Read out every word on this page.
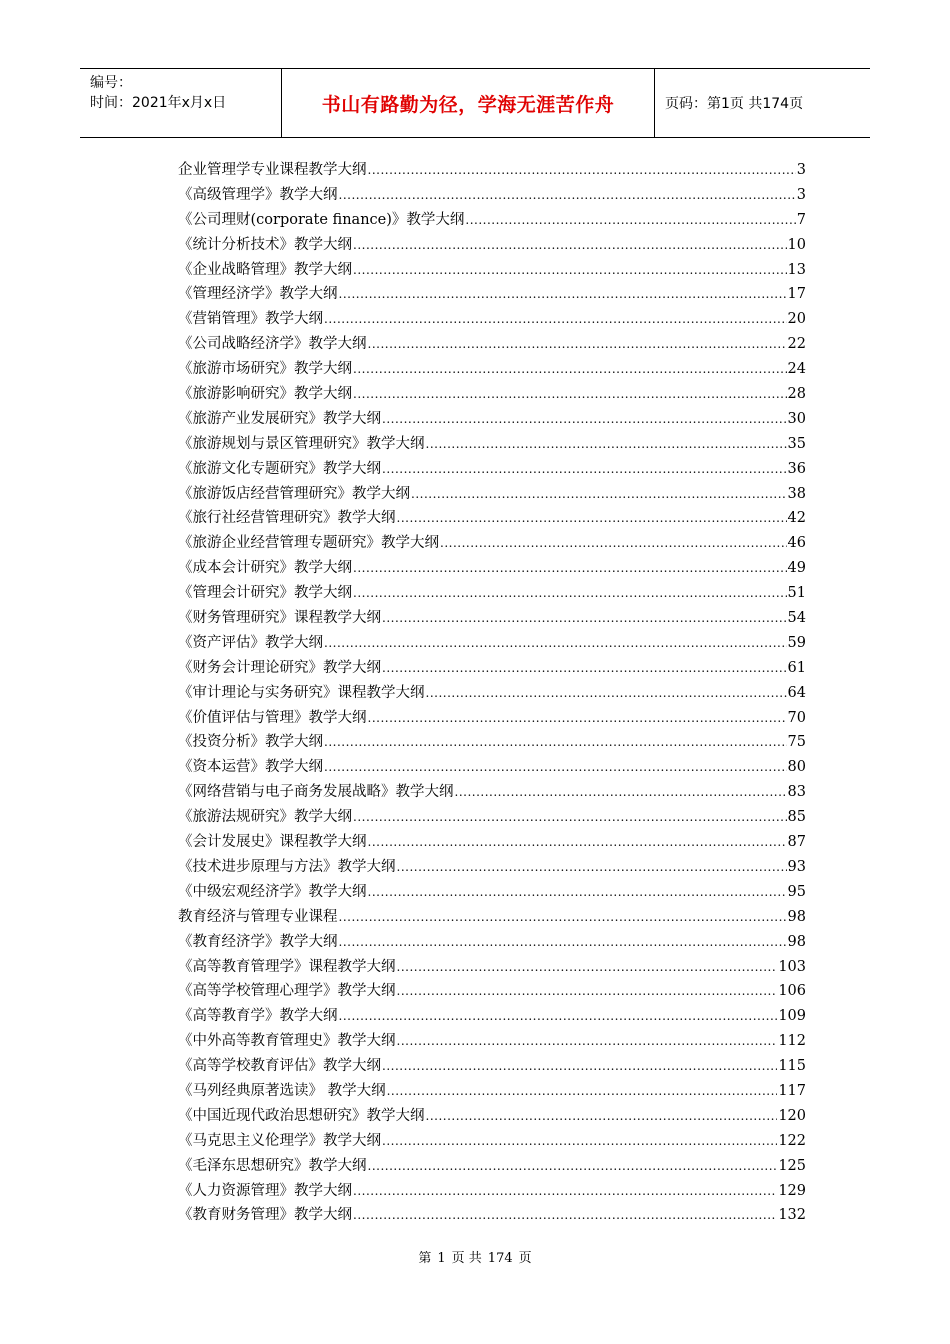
编号：
时间：2021年x月x日	书山有路勤为径，学海无涯苦作舟	页码：第1页 共174页
企业管理学专业课程教学大纲 .....	3
《高级管理学》教学大纲 .....	3
《公司理财(corporate finance)》教学大纲 .....	7
《统计分析技术》教学大纲 .....	10
《企业战略管理》教学大纲 .....	13
《管理经济学》教学大纲 .....	17
《营销管理》教学大纲 .....	20
《公司战略经济学》教学大纲 .....	22
《旅游市场研究》教学大纲 .....	24
《旅游影响研究》教学大纲 .....	28
《旅游产业发展研究》教学大纲 .....	30
《旅游规划与景区管理研究》教学大纲 .....	35
《旅游文化专题研究》教学大纲 .....	36
《旅游饭店经营管理研究》教学大纲 .....	38
《旅行社经营管理研究》教学大纲 .....	42
《旅游企业经营管理专题研究》教学大纲 .....	46
《成本会计研究》教学大纲 .....	49
《管理会计研究》教学大纲 .....	51
《财务管理研究》课程教学大纲 .....	54
《资产评估》教学大纲 .....	59
《财务会计理论研究》教学大纲 .....	61
《审计理论与实务研究》课程教学大纲 .....	64
《价值评估与管理》教学大纲 .....	70
《投资分析》教学大纲 .....	75
《资本运营》教学大纲 .....	80
《网络营销与电子商务发展战略》教学大纲 .....	83
《旅游法规研究》教学大纲 .....	85
《会计发展史》课程教学大纲 .....	87
《技术进步原理与方法》教学大纲 .....	93
《中级宏观经济学》教学大纲 .....	95
教育经济与管理专业课程 .....	98
《教育经济学》教学大纲 .....	98
《高等教育管理学》课程教学大纲 .....	103
《高等学校管理心理学》教学大纲 .....	106
《高等教育学》教学大纲 .....	109
《中外高等教育管理史》教学大纲 .....	112
《高等学校教育评估》教学大纲 .....	115
《马列经典原著选读》 教学大纲 .....	117
《中国近现代政治思想研究》教学大纲 .....	120
《马克思主义伦理学》教学大纲 .....	122
《毛泽东思想研究》教学大纲 .....	125
《人力资源管理》教学大纲 .....	129
《教育财务管理》教学大纲 .....	132
第 1 页 共 174 页
